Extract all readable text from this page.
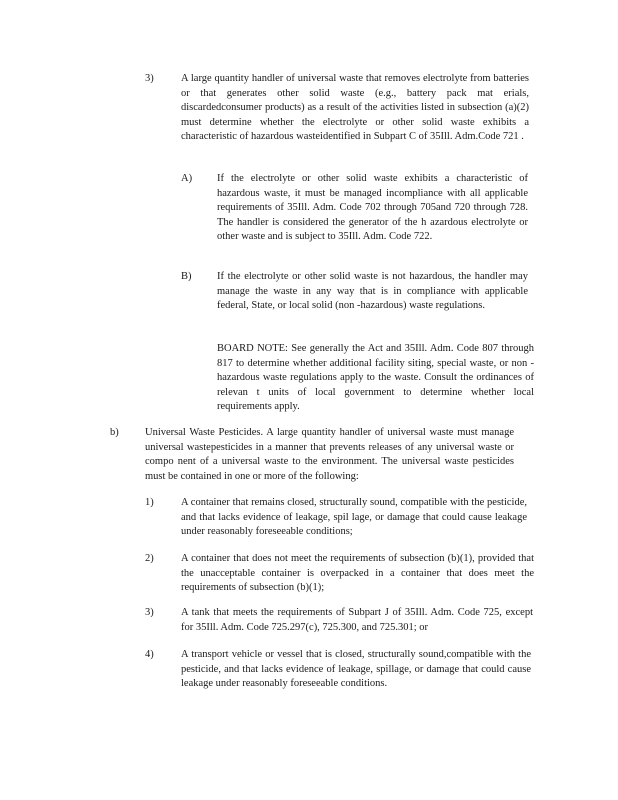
3)	A large quantity handler of universal waste that removes electrolyte from batteries or that generates other solid waste (e.g., battery pack mat erials, discardedconsumer products) as a result of the activities listed in subsection (a)(2) must determine whether the electrolyte or other solid waste exhibits a characteristic of hazardous wasteidentified in Subpart C of 35Ill. Adm.Code 721 .
A) If the electrolyte or other solid waste exhibits a characteristic of hazardous waste, it must be managed incompliance with all applicable requirements of 35Ill. Adm. Code 702 through 705and 720 through 728. The handler is considered the generator of the h azardous electrolyte or other waste and is subject to 35Ill. Adm. Code 722.
B) If the electrolyte or other solid waste is not hazardous, the handler may manage the waste in any way that is in compliance with applicable federal, State, or local solid (non -hazardous) waste regulations.
BOARD NOTE: See generally the Act and 35Ill. Adm. Code 807 through 817 to determine whether additional facility siting, special waste, or non -hazardous waste regulations apply to the waste. Consult the ordinances of relevan t units of local government to determine whether local requirements apply.
b)	Universal Waste Pesticides. A large quantity handler of universal waste must manage universal wastepesticides in a manner that prevents releases of any universal waste or compo nent of a universal waste to the environment. The universal waste pesticides must be contained in one or more of the following:
1)	A container that remains closed, structurally sound, compatible with the pesticide, and that lacks evidence of leakage, spil lage, or damage that could cause leakage under reasonably foreseeable conditions;
2)	A container that does not meet the requirements of subsection (b)(1), provided that the unacceptable container is overpacked in a container that does meet the requirements of subsection (b)(1);
3)	A tank that meets the requirements of Subpart J of 35Ill. Adm. Code 725, except for 35Ill. Adm. Code 725.297(c), 725.300, and 725.301; or
4)	A transport vehicle or vessel that is closed, structurally sound,compatible with the pesticide, and that lacks evidence of leakage, spillage, or damage that could cause leakage under reasonably foreseeable conditions.
